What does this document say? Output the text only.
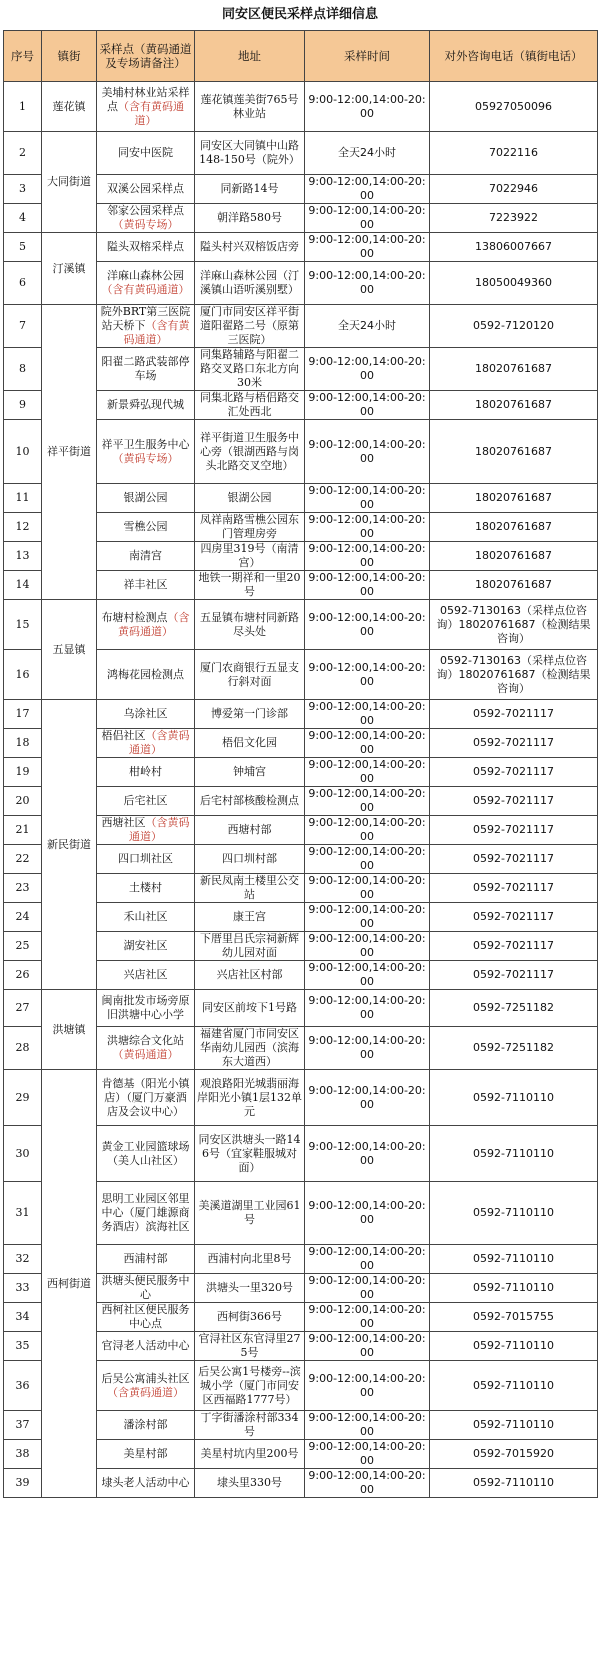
同安区便民采样点详细信息
序号	镇街	采样点（黄码通道及专场请备注）	地址	采样时间	对外咨询电话（镇街电话）
1	莲花镇	美埔村林业站采样点（含有黄码通道）	莲花镇莲美街765号林业站	9:00-12:00,14:00-20:00	05927050096
2	大同街道	同安中医院	同安区大同镇中山路148-150号（院外）	全天24小时	7022116
3		双溪公园采样点	同新路14号	9:00-12:00,14:00-20:00	7022946
4		邻家公园采样点（黄码专场）	朝洋路580号	9:00-12:00,14:00-20:00	7223922
5	汀溪镇	隘头双榕采样点	隘头村兴双榕饭店旁	9:00-12:00,14:00-20:00	13806007667
6		洋麻山森林公园（含有黄码通道）	洋麻山森林公园（汀溪镇山语听溪别墅）	9:00-12:00,14:00-20:00	18050049360
7	祥平街道	院外BRT第三医院站天桥下（含有黄码通道）	厦门市同安区祥平街道阳翟路二号（原第三医院）	全天24小时	0592-7120120
8		阳翟二路武装部停车场	同集路辅路与阳翟二路交叉路口东北方向30米	9:00-12:00,14:00-20:00	18020761687
9		新景舜弘现代城	同集北路与梧侣路交汇处西北	9:00-12:00,14:00-20:00	18020761687
10		祥平卫生服务中心（黄码专场）	祥平街道卫生服务中心旁（银湖西路与岗头北路交叉空地）	9:00-12:00,14:00-20:00	18020761687
11		银湖公园	银湖公园	9:00-12:00,14:00-20:00	18020761687
12		雪樵公园	凤祥南路雪樵公园东门管理房旁	9:00-12:00,14:00-20:00	18020761687
13		南清宫	四房里319号（南清宫）	9:00-12:00,14:00-20:00	18020761687
14		祥丰社区	地铁一期祥和一里20号	9:00-12:00,14:00-20:00	18020761687
15	五显镇	布塘村检测点（含黄码通道）	五显镇布塘村同新路尽头处	9:00-12:00,14:00-20:00	0592-7130163（采样点位咨询）18020761687（检测结果咨询）
16		鸿梅花园检测点	厦门农商银行五显支行斜对面	9:00-12:00,14:00-20:00	0592-7130163（采样点位咨询）18020761687（检测结果咨询）
17	新民街道	乌涂社区	博爱第一门诊部	9:00-12:00,14:00-20:00	0592-7021117
18		梧侣社区（含黄码通道）	梧侣文化园	9:00-12:00,14:00-20:00	0592-7021117
19		柑岭村	钟埔宫	9:00-12:00,14:00-20:00	0592-7021117
20		后宅社区	后宅村部核酸检测点	9:00-12:00,14:00-20:00	0592-7021117
21		西塘社区（含黄码通道）	西塘村部	9:00-12:00,14:00-20:00	0592-7021117
22		四口圳社区	四口圳村部	9:00-12:00,14:00-20:00	0592-7021117
23		土楼村	新民凤南土楼里公交站	9:00-12:00,14:00-20:00	0592-7021117
24		禾山社区	康王宫	9:00-12:00,14:00-20:00	0592-7021117
25		湖安社区	下厝里吕氏宗祠新辉幼儿园对面	9:00-12:00,14:00-20:00	0592-7021117
26		兴店社区	兴店社区村部	9:00-12:00,14:00-20:00	0592-7021117
27	洪塘镇	闽南批发市场旁原旧洪塘中心小学	同安区前垵下1号路	9:00-12:00,14:00-20:00	0592-7251182
28		洪塘综合文化站（黄码通道）	福建省厦门市同安区华南幼儿园西（滨海东大道西）	9:00-12:00,14:00-20:00	0592-7251182
29	西柯街道	肯德基（阳光小镇店）（厦门万豪酒店及会议中心）	观浪路阳光城翡丽海岸阳光小镇1层132单元	9:00-12:00,14:00-20:00	0592-7110110
30		黄金工业园篮球场（美人山社区）	同安区洪塘头一路146号（宜家鞋服城对面）	9:00-12:00,14:00-20:00	0592-7110110
31		思明工业园区邻里中心（厦门雄源商务酒店）滨海社区	美溪道湖里工业园61号	9:00-12:00,14:00-20:00	0592-7110110
32		西浦村部	西浦村向北里8号	9:00-12:00,14:00-20:00	0592-7110110
33		洪塘头便民服务中心	洪塘头一里320号	9:00-12:00,14:00-20:00	0592-7110110
34		西柯社区便民服务中心点	西柯街366号	9:00-12:00,14:00-20:00	0592-7015755
35		官浔老人活动中心	官浔社区东官浔里275号	9:00-12:00,14:00-20:00	0592-7110110
36		后吴公寓浦头社区（含黄码通道）	后吴公寓1号楼旁--滨城小学（厦门市同安区西福路1777号）	9:00-12:00,14:00-20:00	0592-7110110
37		潘涂村部	丁字街潘涂村部334号	9:00-12:00,14:00-20:00	0592-7110110
38		美星村部	美星村坑内里200号	9:00-12:00,14:00-20:00	0592-7015920
39		埭头老人活动中心	埭头里330号	9:00-12:00,14:00-20:00	0592-7110110
